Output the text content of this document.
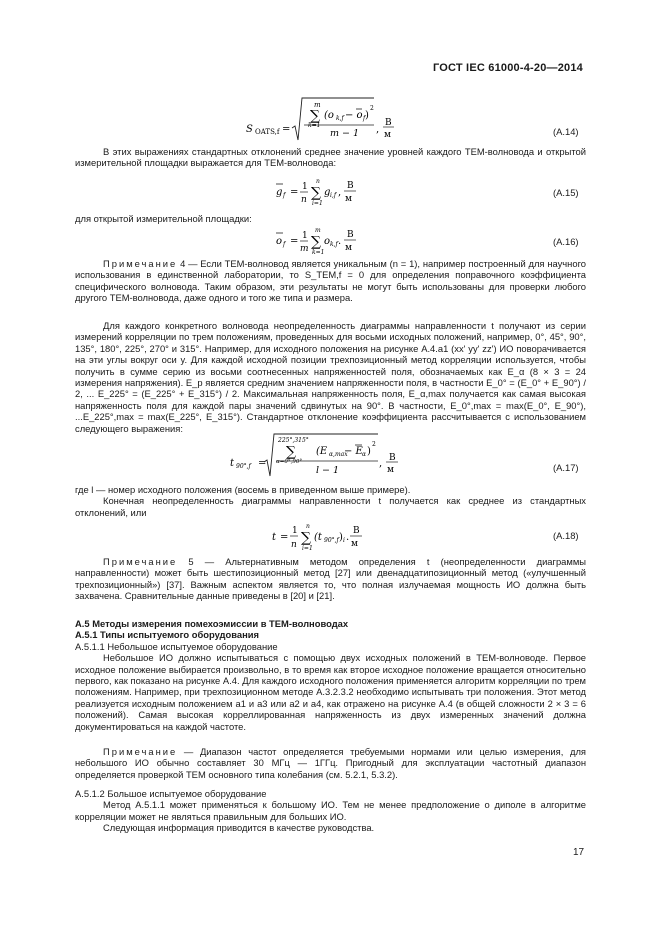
ГОСТ IEC 61000-4-20—2014
S OATS,f =
m
∑
k=1
(o k,f − o f )
2
m − 1 ,
В
м	(A.14)

В этих выражениях стандартных отклонений среднее значение уровней каждого ТЕМ-волновода и открытой измерительной площадки выражается для ТЕМ-волновода:

g f = 1
n
n
∑
i=1
g i,f ,
В
м
(A.15)

для открытой измерительной площадки:

o f = 1
m
m
∑
k=1
o k,f .
В
м
(A.16)

Примечание 4 — Если ТЕМ-волновод является уникальным (n = 1), например построенный для научного использования в единственной лаборатории, то S_TEM,f = 0 для определения поправочного коэффициента специфического волновода. Таким образом, эти результаты не могут быть использованы для проверки любого другого ТЕМ-волновода, даже одного и того же типа и размера.

Для каждого конкретного волновода неопределенность диаграммы направленности t получают из серии измерений корреляции по трем положениям, проведенных для восьми исходных положений, например, 0°, 45°, 90°, 135°, 180°, 225°, 270° и 315°. Например, для исходного положения на рисунке А.4.а1 (xx' yy' zz') ИО поворачивается на эти углы вокруг оси y. Для каждой исходной позиции трехпозиционный метод корреляции используется, чтобы получить в сумме серию из восьми соотнесенных напряженностей поля, обозначаемых как E_α (8 × 3 = 24 измерения напряжения). E_p является средним значением напряженности поля, в частности E_0° = (E_0° + E_90°) / 2, ... E_225° = (E_225° + E_315°) / 2. Максимальная напряженность поля, E_α,max получается как самая высокая напряженность поля для каждой пары значений сдвинутых на 90°. В частности, E_0°,max = max(E_0°, E_90°), ...E_225°,max = max(E_225°, E_315°). Стандартное отклонение коэффициента рассчитывается с использованием следующего выражения:

t 90°,f =
225°,315°
∑
α=0°,90°
(E α,max
− E α )
2
l − 1
, В
м	(A.17)

где l — номер исходного положения (восемь в приведенном выше примере).

Конечная неопределенность диаграммы направленности t получается как среднее из стандартных отклонений, или

t =
1
n
n
∑
i=1
(t 90°,f ) i .
В
м
(A.18)

Примечание 5 — Альтернативным методом определения t (неопределенности диаграммы направленности) может быть шестипозиционный метод [27] или двенадцатипозиционный метод («улучшенный трехпозиционный») [37]. Важным аспектом является то, что полная излучаемая мощность ИО должна быть захвачена. Сравнительные данные приведены в [20] и [21].

А.5 Методы измерения помехоэмиссии в ТЕМ-волноводах

А.5.1 Типы испытуемого оборудования

А.5.1.1 Небольшое испытуемое оборудование

Небольшое ИО должно испытываться с помощью двух исходных положений в ТЕМ-волноводе. Первое исходное положение выбирается произвольно, в то время как второе исходное положение вращается относительно первого, как показано на рисунке А.4. Для каждого исходного положения применяется алгоритм корреляции по трем положениям. Например, при трехпозиционном методе А.3.2.3.2 необходимо испытывать три положения. Этот метод реализуется исходным положением а1 и а3 или а2 и а4, как отражено на рисунке А.4 (в общей сложности 2 × 3 = 6 положений). Самая высокая корреллированная напряженность из двух измеренных значений должна документироваться на каждой частоте.

Примечание — Диапазон частот определяется требуемыми нормами или целью измерения, для небольшого ИО обычно составляет 30 МГц — 1ГГц. Пригодный для эксплуатации частотный диапазон определяется проверкой ТЕМ основного типа колебания (см. 5.2.1, 5.3.2).

А.5.1.2 Большое испытуемое оборудование

Метод А.5.1.1 может применяться к большому ИО. Тем не менее предположение о диполе в алгоритме корреляции может не являться правильным для больших ИО.

Следующая информация приводится в качестве руководства.

17
